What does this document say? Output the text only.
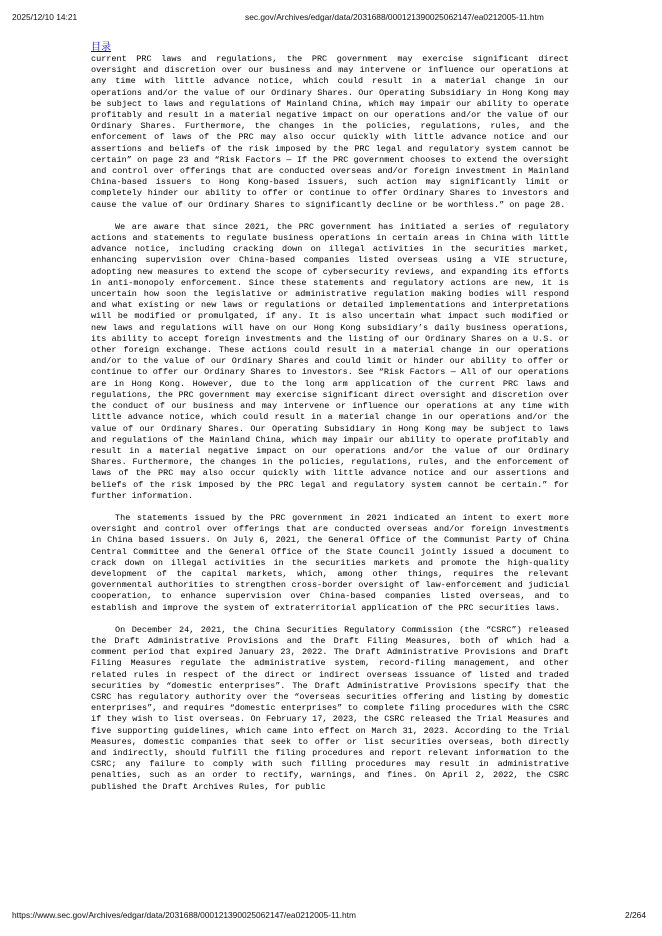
2025/12/10 14:21	sec.gov/Archives/edgar/data/2031688/000121390025062147/ea0212005-11.htm
目录

current PRC laws and regulations, the PRC government may exercise significant direct oversight and discretion over our business and may intervene or influence our operations at any time with little advance notice, which could result in a material change in our operations and/or the value of our Ordinary Shares. Our Operating Subsidiary in Hong Kong may be subject to laws and regulations of Mainland China, which may impair our ability to operate profitably and result in a material negative impact on our operations and/or the value of our Ordinary Shares. Furthermore, the changes in the policies, regulations, rules, and the enforcement of laws of the PRC may also occur quickly with little advance notice and our assertions and beliefs of the risk imposed by the PRC legal and regulatory system cannot be certain” on page 23 and “Risk Factors — If the PRC government chooses to extend the oversight and control over offerings that are conducted overseas and/or foreign investment in Mainland China-based issuers to Hong Kong-based issuers, such action may significantly limit or completely hinder our ability to offer or continue to offer Ordinary Shares to investors and cause the value of our Ordinary Shares to significantly decline or be worthless.” on page 28.

We are aware that since 2021, the PRC government has initiated a series of regulatory actions and statements to regulate business operations in certain areas in China with little advance notice, including cracking down on illegal activities in the securities market, enhancing supervision over China-based companies listed overseas using a VIE structure, adopting new measures to extend the scope of cybersecurity reviews, and expanding its efforts in anti-monopoly enforcement. Since these statements and regulatory actions are new, it is uncertain how soon the legislative or administrative regulation making bodies will respond and what existing or new laws or regulations or detailed implementations and interpretations will be modified or promulgated, if any. It is also uncertain what impact such modified or new laws and regulations will have on our Hong Kong subsidiary’s daily business operations, its ability to accept foreign investments and the listing of our Ordinary Shares on a U.S. or other foreign exchange. These actions could result in a material change in our operations and/or to the value of our Ordinary Shares and could limit or hinder our ability to offer or continue to offer our Ordinary Shares to investors. See “Risk Factors — All of our operations are in Hong Kong. However, due to the long arm application of the current PRC laws and regulations, the PRC government may exercise significant direct oversight and discretion over the conduct of our business and may intervene or influence our operations at any time with little advance notice, which could result in a material change in our operations and/or the value of our Ordinary Shares. Our Operating Subsidiary in Hong Kong may be subject to laws and regulations of the Mainland China, which may impair our ability to operate profitably and result in a material negative impact on our operations and/or the value of our Ordinary Shares. Furthermore, the changes in the policies, regulations, rules, and the enforcement of laws of the PRC may also occur quickly with little advance notice and our assertions and beliefs of the risk imposed by the PRC legal and regulatory system cannot be certain.” for further information.

The statements issued by the PRC government in 2021 indicated an intent to exert more oversight and control over offerings that are conducted overseas and/or foreign investments in China based issuers. On July 6, 2021, the General Office of the Communist Party of China Central Committee and the General Office of the State Council jointly issued a document to crack down on illegal activities in the securities markets and promote the high-quality development of the capital markets, which, among other things, requires the relevant governmental authorities to strengthen cross-border oversight of law-enforcement and judicial cooperation, to enhance supervision over China-based companies listed overseas, and to establish and improve the system of extraterritorial application of the PRC securities laws.

On December 24, 2021, the China Securities Regulatory Commission (the “CSRC”) released the Draft Administrative Provisions and the Draft Filing Measures, both of which had a comment period that expired January 23, 2022. The Draft Administrative Provisions and Draft Filing Measures regulate the administrative system, record-filing management, and other related rules in respect of the direct or indirect overseas issuance of listed and traded securities by “domestic enterprises”. The Draft Administrative Provisions specify that the CSRC has regulatory authority over the “overseas securities offering and listing by domestic enterprises”, and requires “domestic enterprises” to complete filing procedures with the CSRC if they wish to list overseas. On February 17, 2023, the CSRC released the Trial Measures and five supporting guidelines, which came into effect on March 31, 2023. According to the Trial Measures, domestic companies that seek to offer or list securities overseas, both directly and indirectly, should fulfill the filing procedures and report relevant information to the CSRC; any failure to comply with such filling procedures may result in administrative penalties, such as an order to rectify, warnings, and fines. On April 2, 2022, the CSRC published the Draft Archives Rules, for public

https://www.sec.gov/Archives/edgar/data/2031688/000121390025062147/ea0212005-11.htm	2/264
